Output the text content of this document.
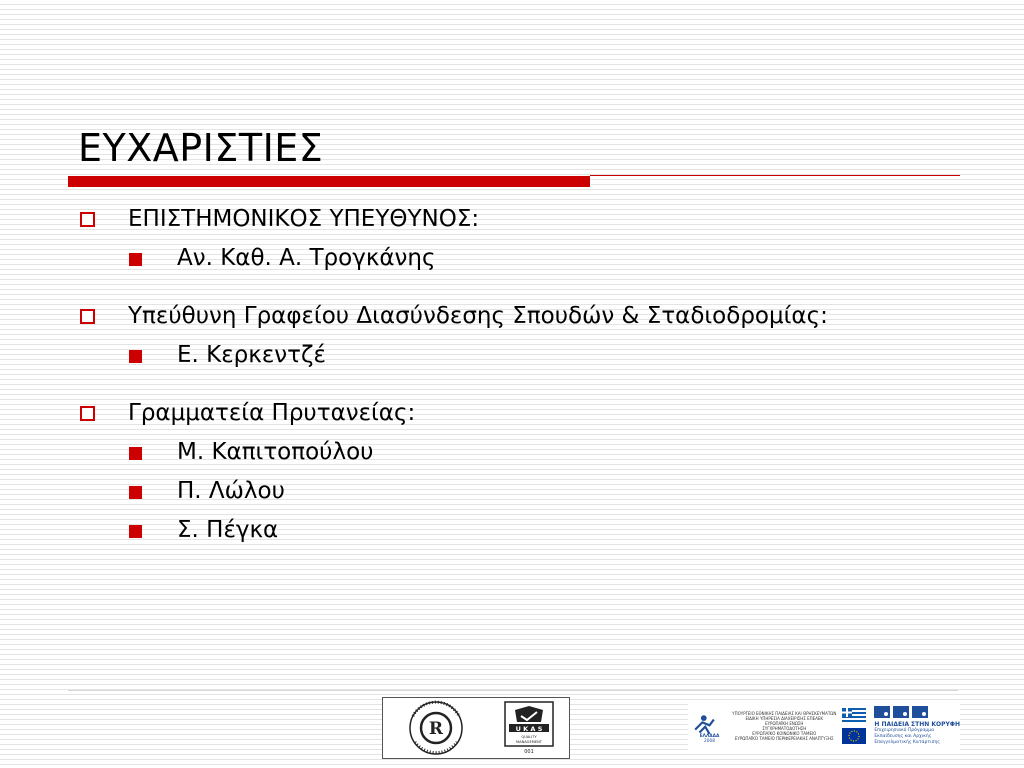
ΕΥΧΑΡΙΣΤΙΕΣ
ΕΠΙΣΤΗΜΟΝΙΚΟΣ ΥΠΕΥΘΥΝΟΣ:
Αν. Καθ. Α. Τρογκάνης
Υπεύθυνη Γραφείου Διασύνδεσης Σπουδών & Σταδιοδρομίας:
Ε. Κερκεντζέ
Γραμματεία Πρυτανείας:
Μ. Καπιτοπούλου
Π. Λώλου
Σ. Πέγκα
R	U K A S
QUALITY
MANAGEMENT
001
ΕΛΛΑΔΑ
2008
ΥΠΟΥΡΓΕΙΟ ΕΘΝΙΚΗΣ ΠΑΙΔΕΙΑΣ ΚΑΙ ΘΡΗΣΚΕΥΜΑΤΩΝ
ΕΙΔΙΚΗ ΥΠΗΡΕΣΙΑ ΔΙΑΧΕΙΡΙΣΗΣ ΕΠΕΑΕΚ
ΕΥΡΩΠΑΪΚΗ ΕΝΩΣΗ
ΣΥΓΧΡΗΜΑΤΟΔΟΤΗΣΗ
ΕΥΡΩΠΑΪΚΟ ΚΟΙΝΩΝΙΚΟ ΤΑΜΕΙΟ
ΕΥΡΩΠΑΪΚΟ ΤΑΜΕΙΟ ΠΕΡΙΦΕΡΕΙΑΚΗΣ ΑΝΑΠΤΥΞΗΣ
Η ΠΑΙΔΕΙΑ ΣΤΗΝ ΚΟΡΥΦΗ
Επιχειρησιακό Πρόγραμμα
Εκπαίδευσης και Αρχικής
Επαγγελματικής Κατάρτισης
